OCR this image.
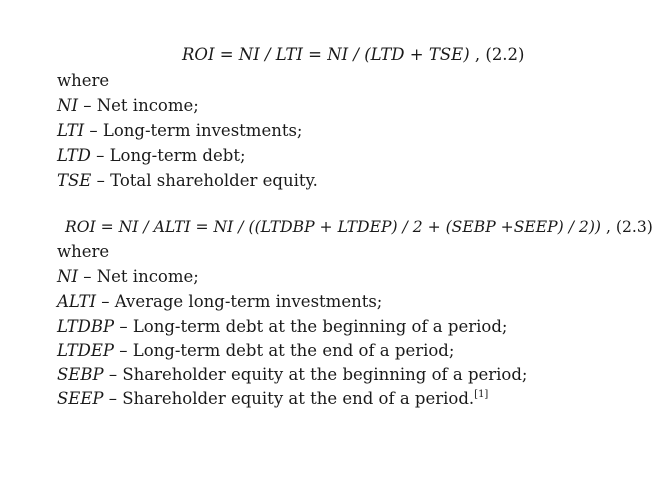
ROI = NI / LTI = NI / (LTD + TSE) , (2.2)
where
NI – Net income;
LTI – Long-term investments;
LTD – Long-term debt;
TSE – Total shareholder equity.
ROI = NI / ALTI = NI / ((LTDBP + LTDEP) / 2 + (SEBP +SEEP) / 2)) , (2.3)
where
NI – Net income;
ALTI – Average long-term investments;
LTDBP – Long-term debt at the beginning of a period;
LTDEP – Long-term debt at the end of a period;
SEBP – Shareholder equity at the beginning of a period;
SEEP – Shareholder equity at the end of a period.[1]
